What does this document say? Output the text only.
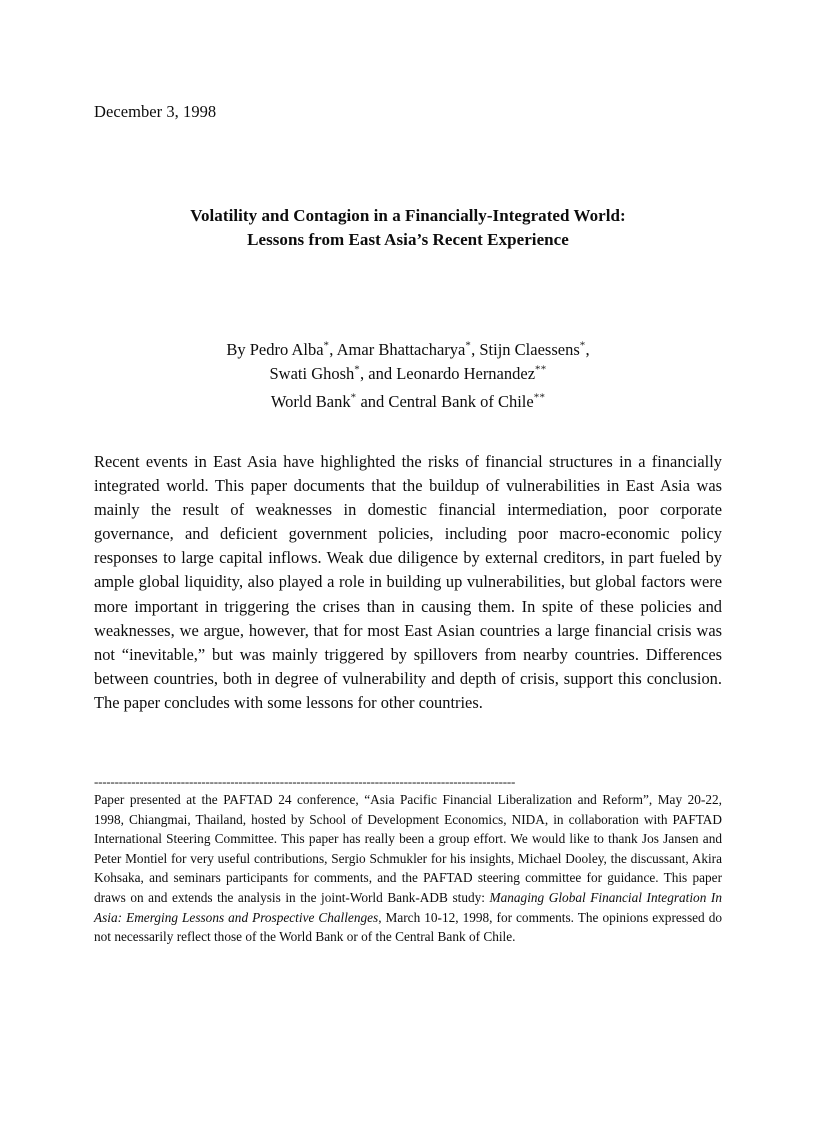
December 3, 1998
Volatility and Contagion in a Financially-Integrated World:
Lessons from East Asia’s Recent Experience
By Pedro Alba*, Amar Bhattacharya*, Stijn Claessens*,
Swati Ghosh*, and Leonardo Hernandez**
World Bank* and Central Bank of Chile**

Recent events in East Asia have highlighted the risks of financial structures in a financially integrated world. This paper documents that the buildup of vulnerabilities in East Asia was mainly the result of weaknesses in domestic financial intermediation, poor corporate governance, and deficient government policies, including poor macro-economic policy responses to large capital inflows. Weak due diligence by external creditors, in part fueled by ample global liquidity, also played a role in building up vulnerabilities, but global factors were more important in triggering the crises than in causing them. In spite of these policies and weaknesses, we argue, however, that for most East Asian countries a large financial crisis was not “inevitable,” but was mainly triggered by spillovers from nearby countries. Differences between countries, both in degree of vulnerability and depth of crisis, support this conclusion. The paper concludes with some lessons for other countries.

------------------------------------------------------------------------------------------------------

Paper presented at the PAFTAD 24 conference, “Asia Pacific Financial Liberalization and Reform”, May 20-22, 1998, Chiangmai, Thailand, hosted by School of Development Economics, NIDA, in collaboration with PAFTAD International Steering Committee. This paper has really been a group effort. We would like to thank Jos Jansen and Peter Montiel for very useful contributions, Sergio Schmukler for his insights, Michael Dooley, the discussant, Akira Kohsaka, and seminars participants for comments, and the PAFTAD steering committee for guidance. This paper draws on and extends the analysis in the joint-World Bank-ADB study: Managing Global Financial Integration In Asia: Emerging Lessons and Prospective Challenges, March 10-12, 1998, for comments. The opinions expressed do not necessarily reflect those of the World Bank or of the Central Bank of Chile.
